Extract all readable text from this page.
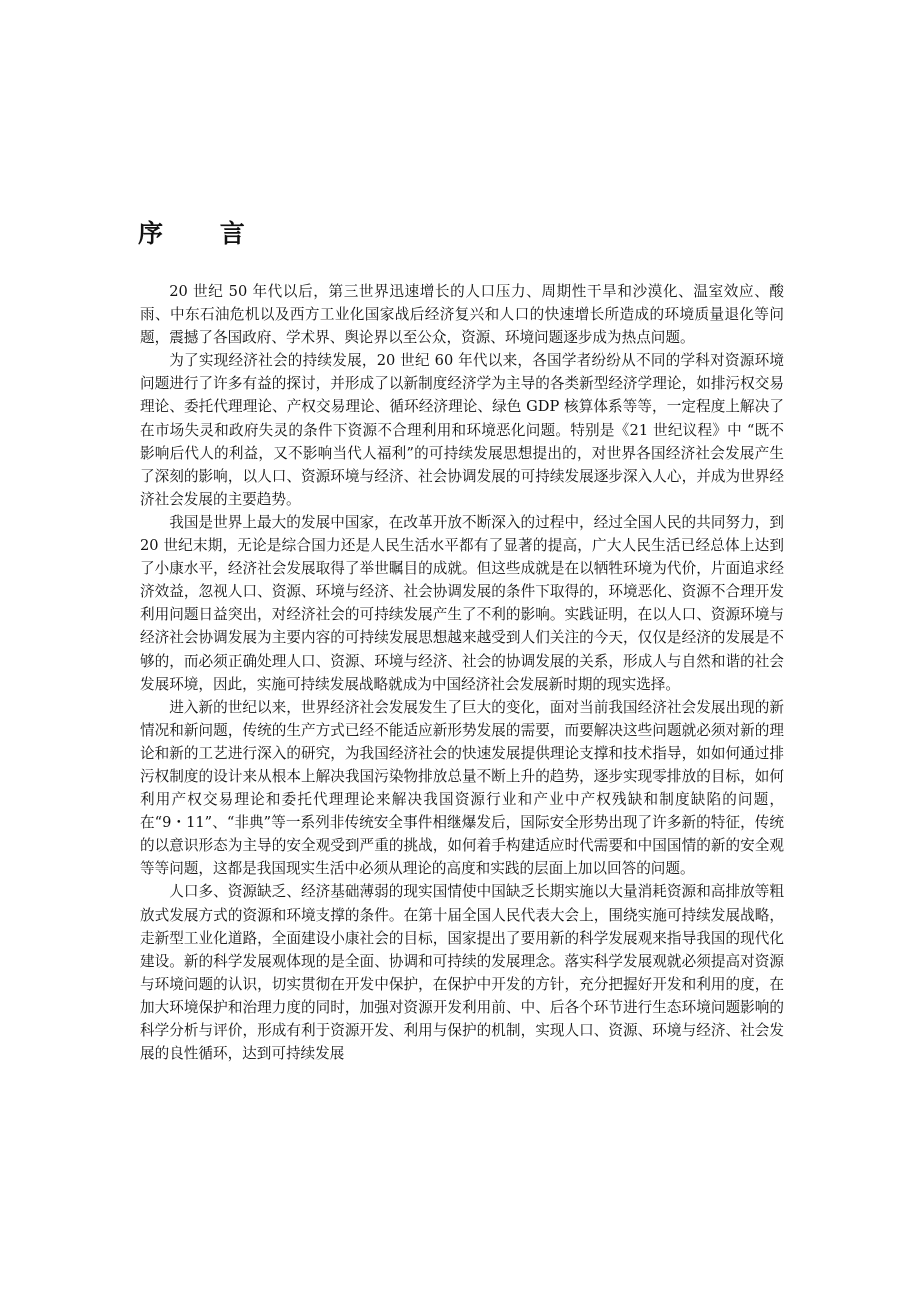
序 言

20 世纪 50 年代以后，第三世界迅速增长的人口压力、周期性干旱和沙漠化、温室效应、酸雨、中东石油危机以及西方工业化国家战后经济复兴和人口的快速增长所造成的环境质量退化等问题，震撼了各国政府、学术界、舆论界以至公众，资源、环境问题逐步成为热点问题。

为了实现经济社会的持续发展，20 世纪 60 年代以来，各国学者纷纷从不同的学科对资源环境问题进行了许多有益的探讨，并形成了以新制度经济学为主导的各类新型经济学理论，如排污权交易理论、委托代理理论、产权交易理论、循环经济理论、绿色 GDP 核算体系等等，一定程度上解决了在市场失灵和政府失灵的条件下资源不合理利用和环境恶化问题。特别是《21 世纪议程》中 “既不影响后代人的利益，又不影响当代人福利”的可持续发展思想提出的，对世界各国经济社会发展产生了深刻的影响，以人口、资源环境与经济、社会协调发展的可持续发展逐步深入人心，并成为世界经济社会发展的主要趋势。

我国是世界上最大的发展中国家，在改革开放不断深入的过程中，经过全国人民的共同努力，到 20 世纪末期，无论是综合国力还是人民生活水平都有了显著的提高，广大人民生活已经总体上达到了小康水平，经济社会发展取得了举世瞩目的成就。但这些成就是在以牺牲环境为代价，片面追求经济效益，忽视人口、资源、环境与经济、社会协调发展的条件下取得的，环境恶化、资源不合理开发利用问题日益突出，对经济社会的可持续发展产生了不利的影响。实践证明，在以人口、资源环境与经济社会协调发展为主要内容的可持续发展思想越来越受到人们关注的今天，仅仅是经济的发展是不够的，而必须正确处理人口、资源、环境与经济、社会的协调发展的关系，形成人与自然和谐的社会发展环境，因此，实施可持续发展战略就成为中国经济社会发展新时期的现实选择。

进入新的世纪以来，世界经济社会发展发生了巨大的变化，面对当前我国经济社会发展出现的新情况和新问题，传统的生产方式已经不能适应新形势发展的需要，而要解决这些问题就必须对新的理论和新的工艺进行深入的研究，为我国经济社会的快速发展提供理论支撑和技术指导，如如何通过排污权制度的设计来从根本上解决我国污染物排放总量不断上升的趋势，逐步实现零排放的目标，如何利用产权交易理论和委托代理理论来解决我国资源行业和产业中产权残缺和制度缺陷的问题，在“9・11”、“非典”等一系列非传统安全事件相继爆发后，国际安全形势出现了许多新的特征，传统的以意识形态为主导的安全观受到严重的挑战，如何着手构建适应时代需要和中国国情的新的安全观等等问题，这都是我国现实生活中必须从理论的高度和实践的层面上加以回答的问题。

人口多、资源缺乏、经济基础薄弱的现实国情使中国缺乏长期实施以大量消耗资源和高排放等粗放式发展方式的资源和环境支撑的条件。在第十届全国人民代表大会上，围绕实施可持续发展战略，走新型工业化道路，全面建设小康社会的目标，国家提出了要用新的科学发展观来指导我国的现代化建设。新的科学发展观体现的是全面、协调和可持续的发展理念。落实科学发展观就必须提高对资源与环境问题的认识，切实贯彻在开发中保护，在保护中开发的方针，充分把握好开发和利用的度，在加大环境保护和治理力度的同时，加强对资源开发利用前、中、后各个环节进行生态环境问题影响的科学分析与评价，形成有利于资源开发、利用与保护的机制，实现人口、资源、环境与经济、社会发展的良性循环，达到可持续发展
